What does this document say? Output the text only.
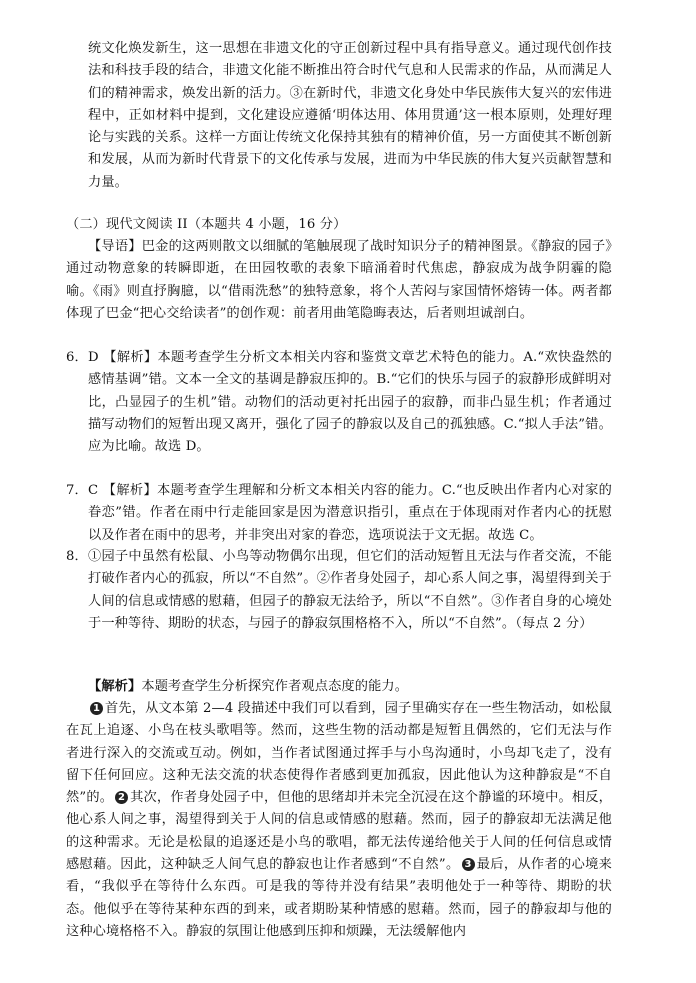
统文化焕发新生，这一思想在非遗文化的守正创新过程中具有指导意义。通过现代创作技法和科技手段的结合，非遗文化能不断推出符合时代气息和人民需求的作品，从而满足人们的精神需求，焕发出新的活力。③在新时代，非遗文化身处中华民族伟大复兴的宏伟进程中，正如材料中提到，文化建设应遵循‘明体达用、体用贯通’这一根本原则，处理好理论与实践的关系。这样一方面让传统文化保持其独有的精神价值，另一方面使其不断创新和发展，从而为新时代背景下的文化传承与发展，进而为中华民族的伟大复兴贡献智慧和力量。

（二）现代文阅读 II（本题共 4 小题，16 分）

【导语】巴金的这两则散文以细腻的笔触展现了战时知识分子的精神图景。《静寂的园子》通过动物意象的转瞬即逝，在田园牧歌的表象下暗涌着时代焦虑，静寂成为战争阴霾的隐喻。《雨》则直抒胸臆，以“借雨洗愁”的独特意象，将个人苦闷与家国情怀熔铸一体。两者都体现了巴金“把心交给读者”的创作观：前者用曲笔隐晦表达，后者则坦诚剖白。

6． D 【解析】本题考查学生分析文本相关内容和鉴赏文章艺术特色的能力。A.“欢快盎然的感情基调”错。文本一全文的基调是静寂压抑的。B.“它们的快乐与园子的寂静形成鲜明对比，凸显园子的生机”错。动物们的活动更衬托出园子的寂静，而非凸显生机；作者通过描写动物们的短暂出现又离开，强化了园子的静寂以及自己的孤独感。C.“拟人手法”错。应为比喻。故选 D。
7． C 【解析】本题考查学生理解和分析文本相关内容的能力。C.“也反映出作者内心对家的眷恋”错。作者在雨中行走能回家是因为潜意识指引，重点在于体现雨对作者内心的抚慰以及作者在雨中的思考，并非突出对家的眷恋，选项说法于文无据。故选 C。
8． ①园子中虽然有松鼠、小鸟等动物偶尔出现，但它们的活动短暂且无法与作者交流，不能打破作者内心的孤寂，所以“不自然”。②作者身处园子，却心系人间之事，渴望得到关于人间的信息或情感的慰藉，但园子的静寂无法给予，所以“不自然”。③作者自身的心境处于一种等待、期盼的状态，与园子的静寂氛围格格不入，所以“不自然”。（每点 2 分）

【解析】本题考查学生分析探究作者观点态度的能力。

1 首先，从文本第 2—4 段描述中我们可以看到，园子里确实存在一些生物活动，如松鼠在瓦上追逐、小鸟在枝头歌唱等。然而，这些生物的活动都是短暂且偶然的，它们无法与作者进行深入的交流或互动。例如，当作者试图通过挥手与小鸟沟通时，小鸟却飞走了，没有留下任何回应。这种无法交流的状态使得作者感到更加孤寂，因此他认为这种静寂是“不自然”的。 2 其次，作者身处园子中，但他的思绪却并未完全沉浸在这个静谧的环境中。相反，他心系人间之事，渴望得到关于人间的信息或情感的慰藉。然而，园子的静寂却无法满足他的这种需求。无论是松鼠的追逐还是小鸟的歌唱，都无法传递给他关于人间的任何信息或情感慰藉。因此，这种缺乏人间气息的静寂也让作者感到“不自然”。 3 最后，从作者的心境来看，“我似乎在等待什么东西。可是我的等待并没有结果”表明他处于一种等待、期盼的状态。他似乎在等待某种东西的到来，或者期盼某种情感的慰藉。然而，园子的静寂却与他的这种心境格格不入。静寂的氛围让他感到压抑和烦躁，无法缓解他内
